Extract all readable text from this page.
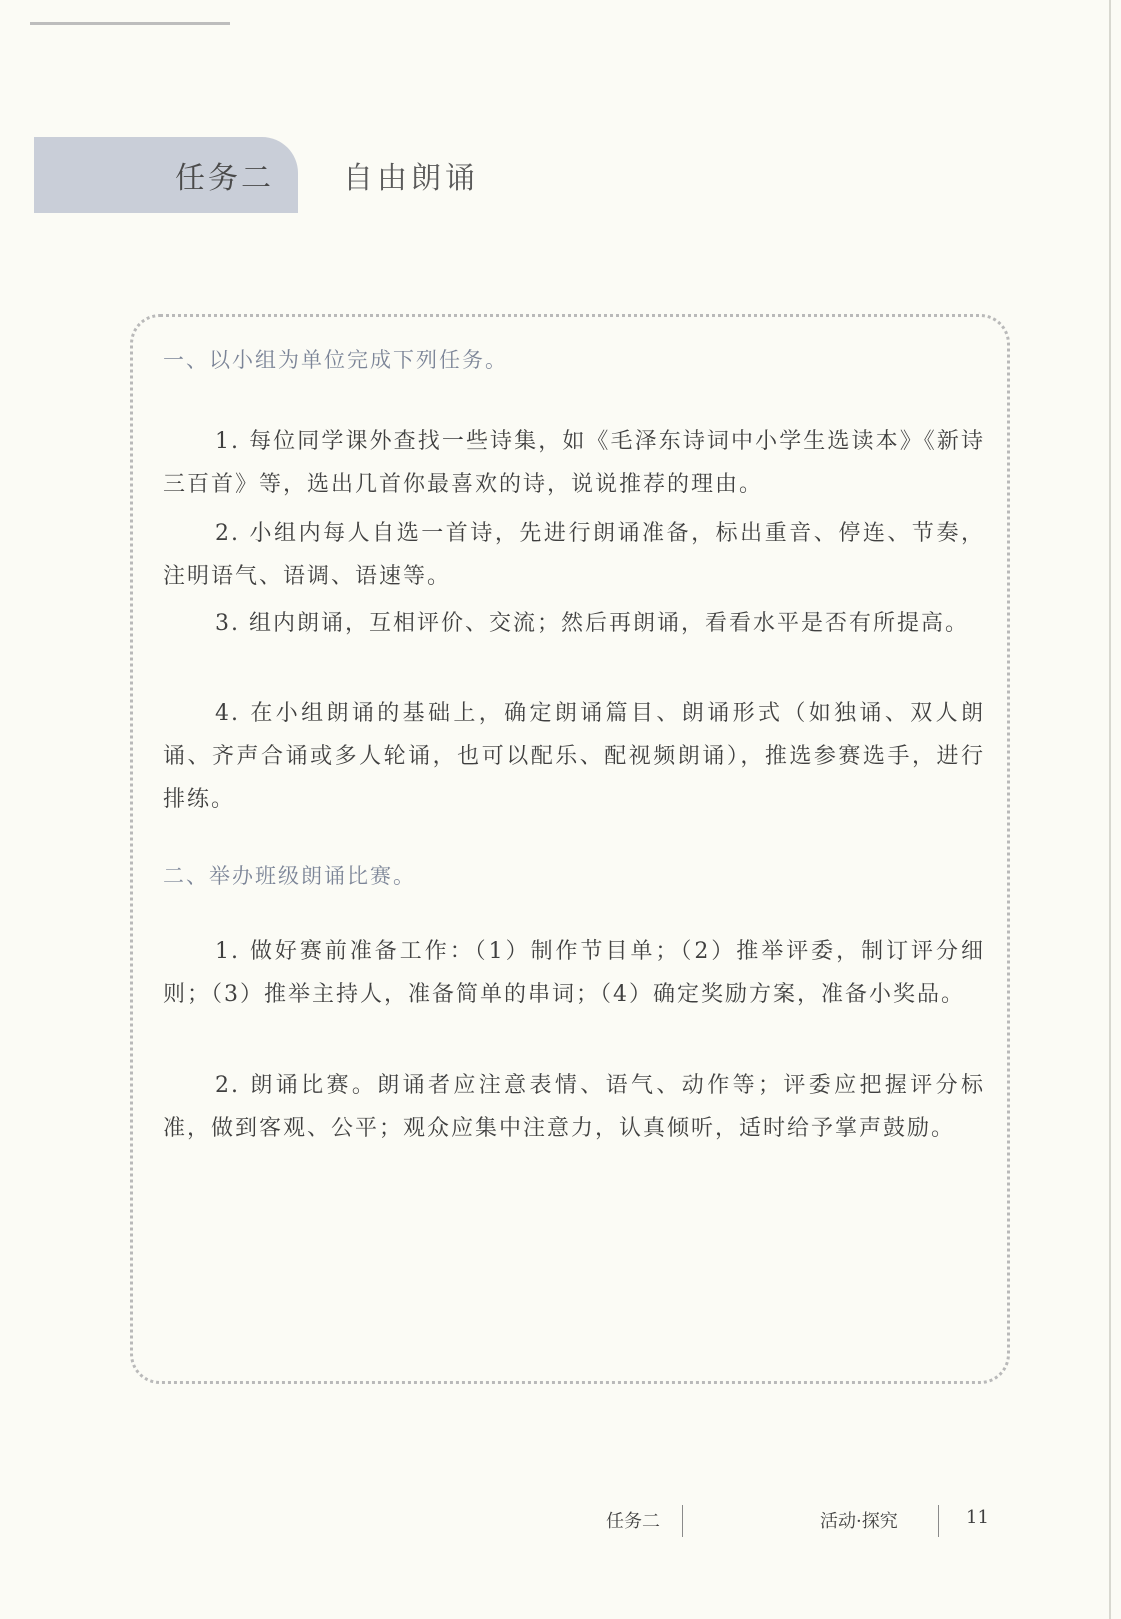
任务二 自由朗诵
一、以小组为单位完成下列任务。
1. 每位同学课外查找一些诗集，如《毛泽东诗词中小学生选读本》《新诗三百首》等，选出几首你最喜欢的诗，说说推荐的理由。
2. 小组内每人自选一首诗，先进行朗诵准备，标出重音、停连、节奏，注明语气、语调、语速等。
3. 组内朗诵，互相评价、交流；然后再朗诵，看看水平是否有所提高。
4. 在小组朗诵的基础上，确定朗诵篇目、朗诵形式（如独诵、双人朗诵、齐声合诵或多人轮诵，也可以配乐、配视频朗诵），推选参赛选手，进行排练。
二、举办班级朗诵比赛。
1. 做好赛前准备工作：（1）制作节目单；（2）推举评委，制订评分细则；（3）推举主持人，准备简单的串词；（4）确定奖励方案，准备小奖品。
2. 朗诵比赛。朗诵者应注意表情、语气、动作等；评委应把握评分标准，做到客观、公平；观众应集中注意力，认真倾听，适时给予掌声鼓励。
任务二	活动·探究	11
